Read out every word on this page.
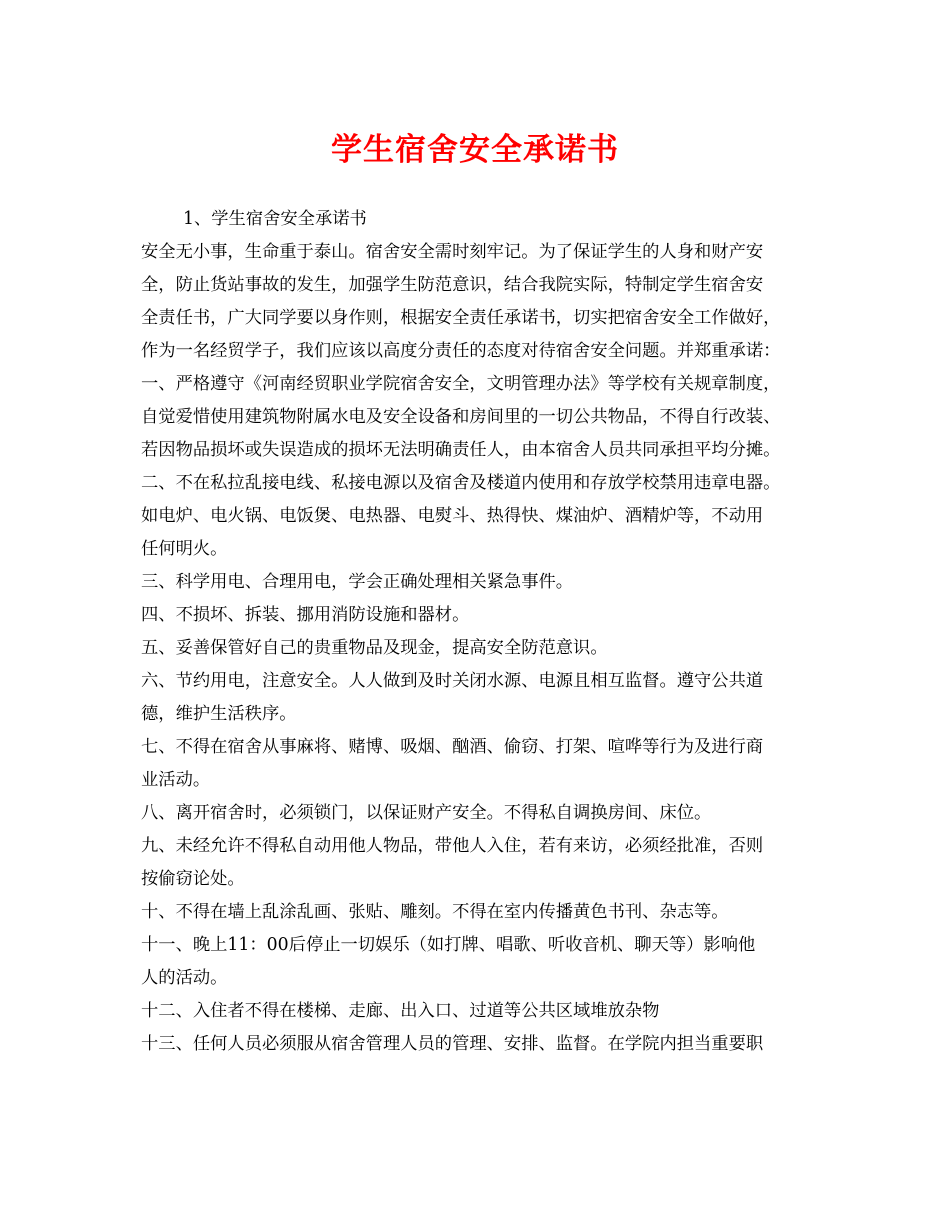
学生宿舍安全承诺书
1、学生宿舍安全承诺书
安全无小事，生命重于泰山。宿舍安全需时刻牢记。为了保证学生的人身和财产安
全，防止货站事故的发生，加强学生防范意识，结合我院实际，特制定学生宿舍安
全责任书，广大同学要以身作则，根据安全责任承诺书，切实把宿舍安全工作做好，
作为一名经贸学子，我们应该以高度分责任的态度对待宿舍安全问题。并郑重承诺：
一、严格遵守《河南经贸职业学院宿舍安全，文明管理办法》等学校有关规章制度，
自觉爱惜使用建筑物附属水电及安全设备和房间里的一切公共物品，不得自行改装、
若因物品损坏或失误造成的损坏无法明确责任人，由本宿舍人员共同承担平均分摊。
二、不在私拉乱接电线、私接电源以及宿舍及楼道内使用和存放学校禁用违章电器。
如电炉、电火锅、电饭煲、电热器、电熨斗、热得快、煤油炉、酒精炉等，不动用
任何明火。
三、科学用电、合理用电，学会正确处理相关紧急事件。
四、不损坏、拆装、挪用消防设施和器材。
五、妥善保管好自己的贵重物品及现金，提高安全防范意识。
六、节约用电，注意安全。人人做到及时关闭水源、电源且相互监督。遵守公共道
德，维护生活秩序。
七、不得在宿舍从事麻将、赌博、吸烟、酗酒、偷窃、打架、喧哗等行为及进行商
业活动。
八、离开宿舍时，必须锁门，以保证财产安全。不得私自调换房间、床位。
九、未经允许不得私自动用他人物品，带他人入住，若有来访，必须经批准，否则
按偷窃论处。
十、不得在墙上乱涂乱画、张贴、雕刻。不得在室内传播黄色书刊、杂志等。
十一、晚上11：00后停止一切娱乐（如打牌、唱歌、听收音机、聊天等）影响他
人的活动。
十二、入住者不得在楼梯、走廊、出入口、过道等公共区域堆放杂物
十三、任何人员必须服从宿舍管理人员的管理、安排、监督。在学院内担当重要职
